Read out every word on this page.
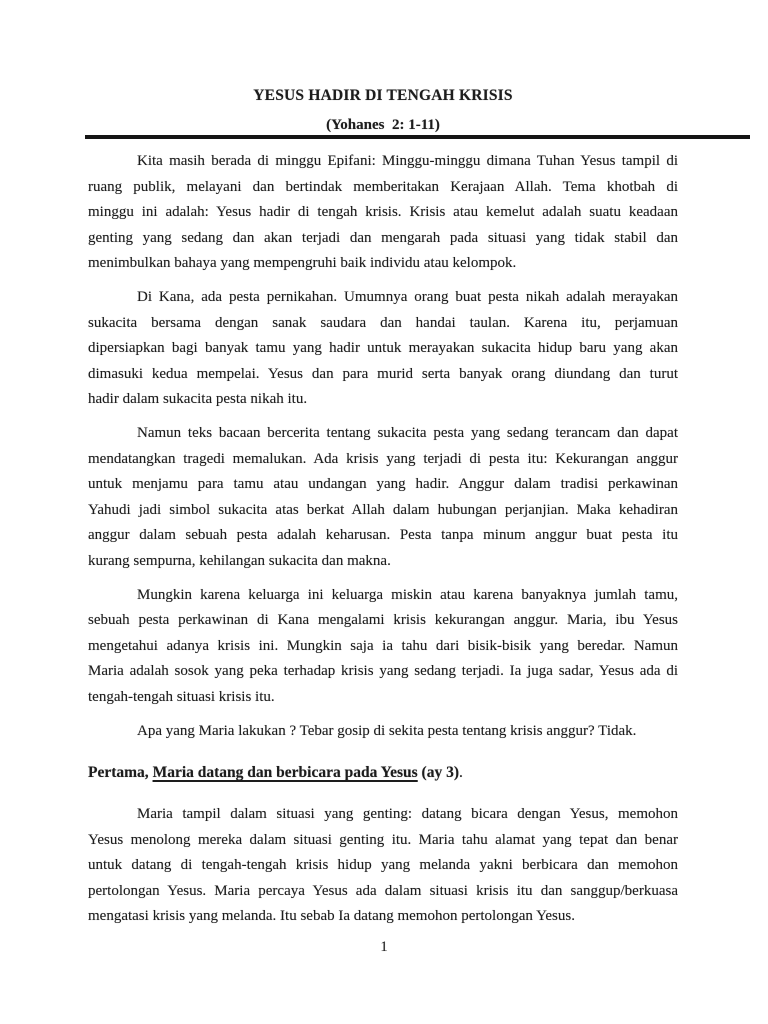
YESUS HADIR DI TENGAH KRISIS
(Yohanes  2: 1-11)
Kita masih berada di minggu Epifani: Minggu-minggu dimana Tuhan Yesus tampil di
ruang publik, melayani dan bertindak memberitakan Kerajaan Allah. Tema khotbah di
minggu ini adalah: Yesus hadir di tengah krisis. Krisis atau kemelut adalah suatu keadaan
genting yang sedang dan akan terjadi dan mengarah pada situasi yang tidak stabil dan
menimbulkan bahaya yang mempengruhi baik individu atau kelompok.
Di Kana, ada pesta pernikahan. Umumnya orang buat pesta nikah adalah merayakan
sukacita bersama dengan sanak saudara dan handai taulan. Karena itu, perjamuan
dipersiapkan bagi banyak tamu yang hadir untuk merayakan sukacita hidup baru yang akan
dimasuki kedua mempelai. Yesus dan para murid serta banyak orang diundang dan turut
hadir dalam sukacita pesta nikah itu.
Namun teks bacaan bercerita tentang sukacita pesta yang sedang terancam dan dapat
mendatangkan tragedi memalukan. Ada krisis yang terjadi di pesta itu: Kekurangan anggur
untuk menjamu para tamu atau undangan yang hadir. Anggur dalam tradisi perkawinan
Yahudi jadi simbol sukacita atas berkat Allah dalam hubungan perjanjian. Maka kehadiran
anggur dalam sebuah pesta adalah keharusan. Pesta tanpa minum anggur buat pesta itu
kurang sempurna, kehilangan sukacita dan makna.
Mungkin karena keluarga ini keluarga miskin atau karena banyaknya jumlah tamu,
sebuah pesta perkawinan di Kana mengalami krisis kekurangan anggur. Maria, ibu Yesus
mengetahui adanya krisis ini. Mungkin saja ia tahu dari bisik-bisik yang beredar. Namun
Maria adalah sosok yang peka terhadap krisis yang sedang terjadi. Ia juga sadar, Yesus ada di
tengah-tengah situasi krisis itu.
Apa yang Maria lakukan ? Tebar gosip di sekita pesta tentang krisis anggur? Tidak.
Pertama, Maria datang dan berbicara pada Yesus (ay 3).
Maria tampil dalam situasi yang genting: datang bicara dengan Yesus, memohon
Yesus menolong mereka dalam situasi genting itu. Maria tahu alamat yang tepat dan benar
untuk datang di tengah-tengah krisis hidup yang melanda yakni berbicara dan memohon
pertolongan Yesus. Maria percaya Yesus ada dalam situasi krisis itu dan sanggup/berkuasa
mengatasi krisis yang melanda. Itu sebab Ia datang memohon pertolongan Yesus.
1
